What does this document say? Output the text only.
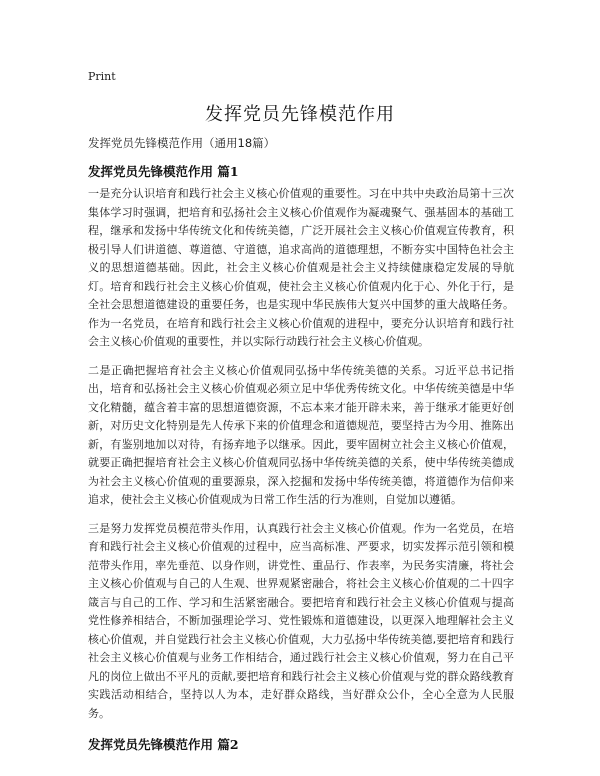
Print
发挥党员先锋模范作用
发挥党员先锋模范作用（通用18篇）
发挥党员先锋模范作用 篇1

一是充分认识培育和践行社会主义核心价值观的重要性。习在中共中央政治局第十三次集体学习时强调，把培育和弘扬社会主义核心价值观作为凝魂聚气、强基固本的基础工程，继承和发扬中华传统文化和传统美德，广泛开展社会主义核心价值观宣传教育，积极引导人们讲道德、尊道德、守道德，追求高尚的道德理想，不断夯实中国特色社会主义的思想道德基础。因此，社会主义核心价值观是社会主义持续健康稳定发展的导航灯。培育和践行社会主义核心价值观，使社会主义核心价值观内化于心、外化于行，是全社会思想道德建设的重要任务，也是实现中华民族伟大复兴中国梦的重大战略任务。作为一名党员，在培育和践行社会主义核心价值观的进程中，要充分认识培育和践行社会主义核心价值观的重要性，并以实际行动践行社会主义核心价值观。

二是正确把握培育社会主义核心价值观同弘扬中华传统美德的关系。习近平总书记指出，培育和弘扬社会主义核心价值观必须立足中华优秀传统文化。中华传统美德是中华文化精髓，蕴含着丰富的思想道德资源，不忘本来才能开辟未来，善于继承才能更好创新，对历史文化特别是先人传承下来的价值理念和道德规范，要坚持古为今用、推陈出新，有鉴别地加以对待，有扬弃地予以继承。因此，要牢固树立社会主义核心价值观，就要正确把握培育社会主义核心价值观同弘扬中华传统美德的关系，使中华传统美德成为社会主义核心价值观的重要源泉，深入挖掘和发扬中华传统美德，将道德作为信仰来追求，使社会主义核心价值观成为日常工作生活的行为准则，自觉加以遵循。

三是努力发挥党员模范带头作用，认真践行社会主义核心价值观。作为一名党员，在培育和践行社会主义核心价值观的过程中，应当高标准、严要求，切实发挥示范引领和模范带头作用，率先垂范、以身作则，讲党性、重品行、作表率，为民务实清廉，将社会主义核心价值观与自己的人生观、世界观紧密融合，将社会主义核心价值观的二十四字箴言与自己的工作、学习和生活紧密融合。要把培育和践行社会主义核心价值观与提高党性修养相结合，不断加强理论学习、党性锻炼和道德建设，以更深入地理解社会主义核心价值观，并自觉践行社会主义核心价值观，大力弘扬中华传统美德,要把培育和践行社会主义核心价值观与业务工作相结合，通过践行社会主义核心价值观，努力在自己平凡的岗位上做出不平凡的贡献,要把培育和践行社会主义核心价值观与党的群众路线教育实践活动相结合，坚持以人为本，走好群众路线，当好群众公仆，全心全意为人民服务。

发挥党员先锋模范作用 篇2
